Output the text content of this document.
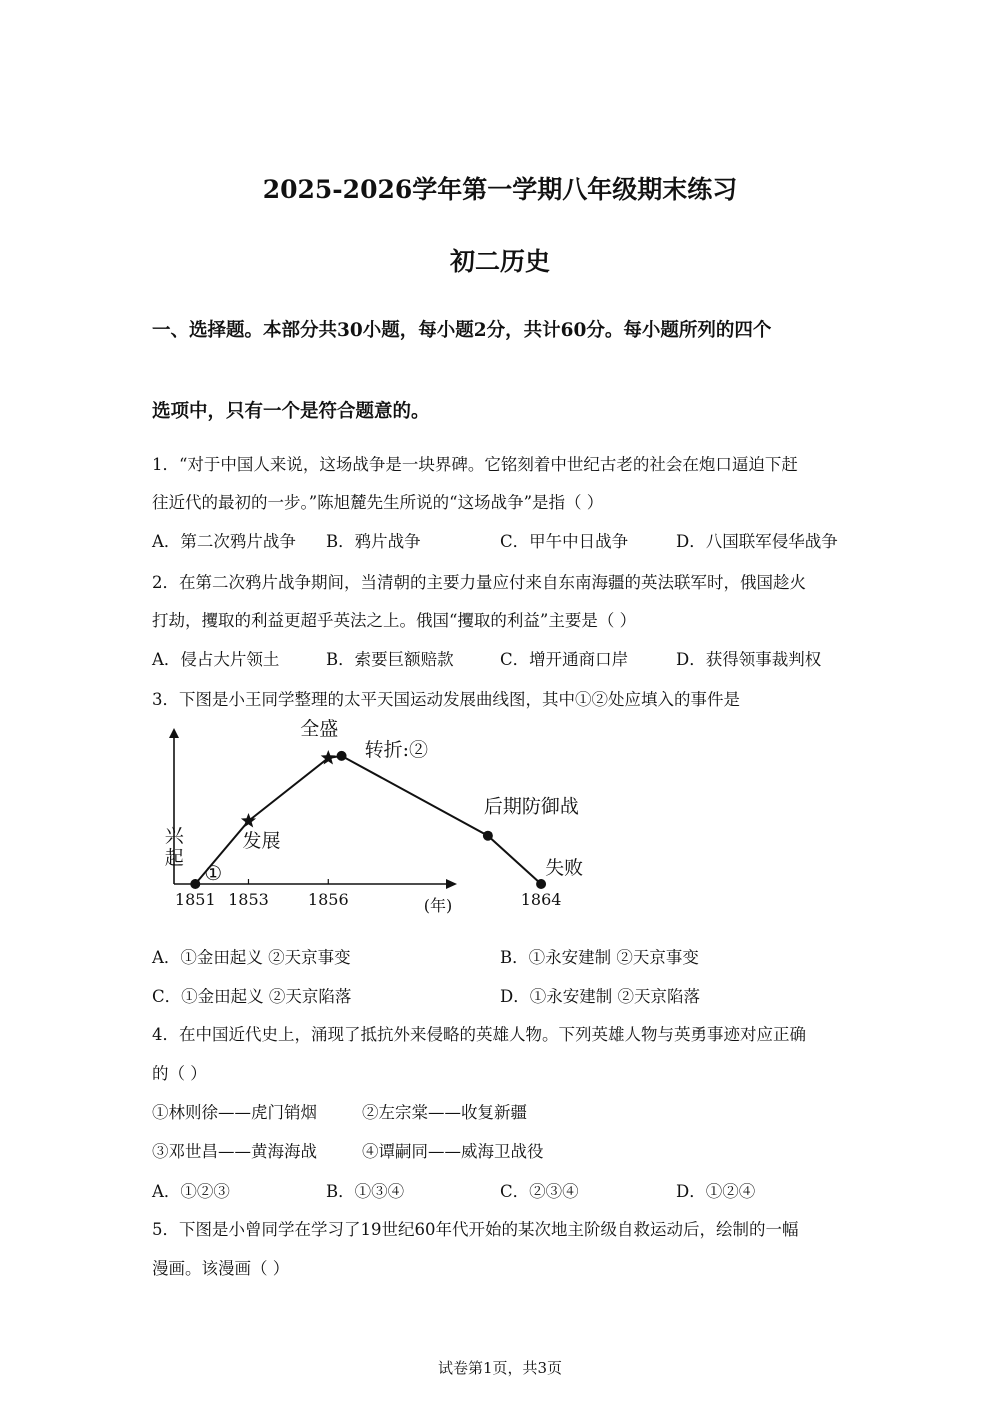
2025-2026学年第一学期八年级期末练习
初二历史
一、选择题。本部分共30小题，每小题2分，共计60分。每小题所列的四个
选项中，只有一个是符合题意的。
1．“对于中国人来说，这场战争是一块界碑。它铭刻着中世纪古老的社会在炮口逼迫下赶
往近代的最初的一步。”陈旭麓先生所说的“这场战争”是指（ ）
A．第二次鸦片战争 B．鸦片战争	C．甲午中日战争	D．八国联军侵华战争
2．在第二次鸦片战争期间，当清朝的主要力量应付来自东南海疆的英法联军时，俄国趁火
打劫，攫取的利益更超乎英法之上。俄国“攫取的利益”主要是（ ）
A．侵占大片领土	B．索要巨额赔款	C．增开通商口岸	D．获得领事裁判权
3．下图是小王同学整理的太平天国运动发展曲线图，其中①②处应填入的事件是
1851 1853 1856	1864
(年)
兴
起
发展
全盛
转折:②
后期防御战
失败
①
A．①金田起义 ②天京事变	B．①永安建制 ②天京事变
C．①金田起义 ②天京陷落	D．①永安建制 ②天京陷落
4．在中国近代史上，涌现了抵抗外来侵略的英雄人物。下列英雄人物与英勇事迹对应正确
的（ ）
①林则徐——虎门销烟	②左宗棠——收复新疆
③邓世昌——黄海海战	④谭嗣同——威海卫战役
A．①②③	B．①③④	C．②③④	D．①②④
5．下图是小曾同学在学习了19世纪60年代开始的某次地主阶级自救运动后，绘制的一幅
漫画。该漫画（ ）
试卷第1页，共3页
